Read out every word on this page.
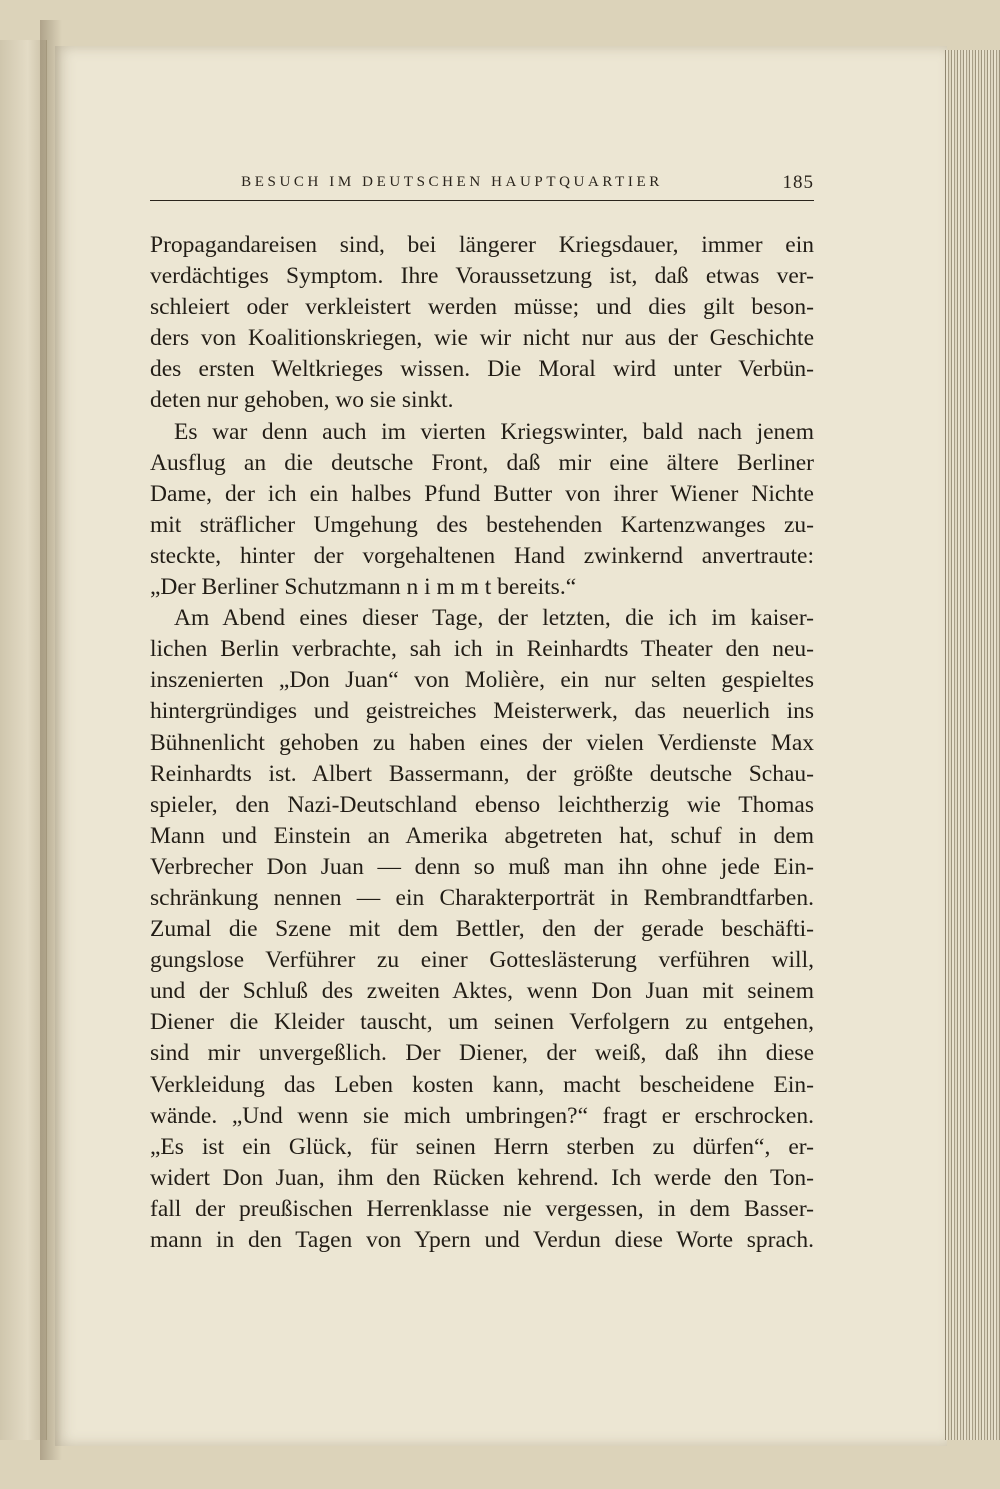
BESUCH IM DEUTSCHEN HAUPTQUARTIER	185
Propagandareisen sind, bei längerer Kriegsdauer, immer ein
verdächtiges Symptom. Ihre Voraussetzung ist, daß etwas ver-
schleiert oder verkleistert werden müsse; und dies gilt beson-
ders von Koalitionskriegen, wie wir nicht nur aus der Geschichte
des ersten Weltkrieges wissen. Die Moral wird unter Verbün-
deten nur gehoben, wo sie sinkt.
Es war denn auch im vierten Kriegswinter, bald nach jenem
Ausflug an die deutsche Front, daß mir eine ältere Berliner
Dame, der ich ein halbes Pfund Butter von ihrer Wiener Nichte
mit sträflicher Umgehung des bestehenden Kartenzwanges zu-
steckte, hinter der vorgehaltenen Hand zwinkernd anvertraute:
„Der Berliner Schutzmann n i m m t bereits.“
Am Abend eines dieser Tage, der letzten, die ich im kaiser-
lichen Berlin verbrachte, sah ich in Reinhardts Theater den neu-
inszenierten „Don Juan“ von Molière, ein nur selten gespieltes
hintergründiges und geistreiches Meisterwerk, das neuerlich ins
Bühnenlicht gehoben zu haben eines der vielen Verdienste Max
Reinhardts ist. Albert Bassermann, der größte deutsche Schau-
spieler, den Nazi-Deutschland ebenso leichtherzig wie Thomas
Mann und Einstein an Amerika abgetreten hat, schuf in dem
Verbrecher Don Juan — denn so muß man ihn ohne jede Ein-
schränkung nennen — ein Charakterporträt in Rembrandtfarben.
Zumal die Szene mit dem Bettler, den der gerade beschäfti-
gungslose Verführer zu einer Gotteslästerung verführen will,
und der Schluß des zweiten Aktes, wenn Don Juan mit seinem
Diener die Kleider tauscht, um seinen Verfolgern zu entgehen,
sind mir unvergeßlich. Der Diener, der weiß, daß ihn diese
Verkleidung das Leben kosten kann, macht bescheidene Ein-
wände. „Und wenn sie mich umbringen?“ fragt er erschrocken.
„Es ist ein Glück, für seinen Herrn sterben zu dürfen“, er-
widert Don Juan, ihm den Rücken kehrend. Ich werde den Ton-
fall der preußischen Herrenklasse nie vergessen, in dem Basser-
mann in den Tagen von Ypern und Verdun diese Worte sprach.
